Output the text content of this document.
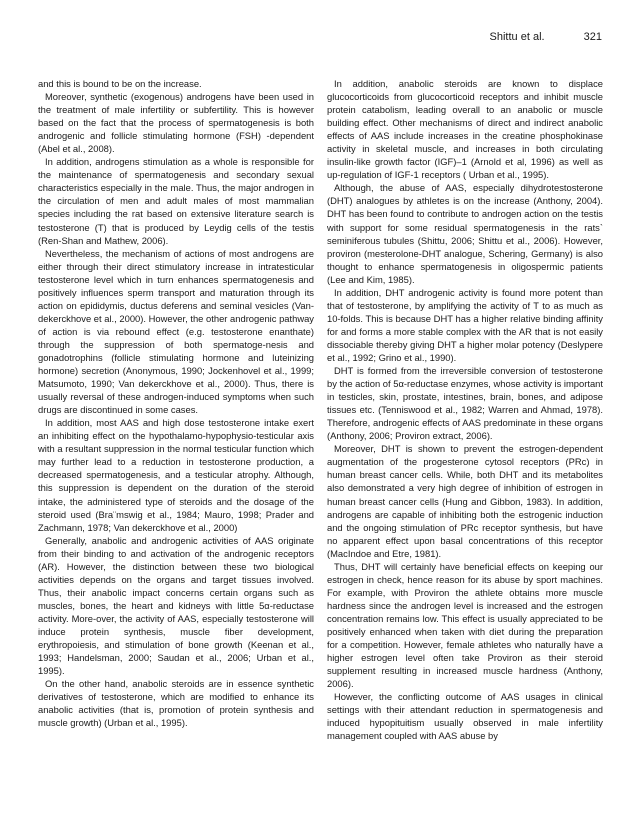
Shittu et al.	321

and this is bound to be on the increase.

Moreover, synthetic (exogenous) androgens have been used in the treatment of male infertility or subfertility. This is however based on the fact that the process of spermatogenesis is both androgenic and follicle stimulating hormone (FSH) -dependent (Abel et al., 2008).

In addition, androgens stimulation as a whole is responsible for the maintenance of spermatogenesis and secondary sexual characteristics especially in the male. Thus, the major androgen in the circulation of men and adult males of most mammalian species including the rat based on extensive literature search is testosterone (T) that is produced by Leydig cells of the testis (Ren-Shan and Mathew, 2006).

Nevertheless, the mechanism of actions of most androgens are either through their direct stimulatory increase in intratesticular testosterone level which in turn enhances spermatogenesis and positively influences sperm transport and maturation through its action on epididymis, ductus deferens and seminal vesicles (Van-dekerckhove et al., 2000). However, the other androgenic pathway of action is via rebound effect (e.g. testosterone enanthate) through the suppression of both spermatoge-nesis and gonadotrophins (follicle stimulating hormone and luteinizing hormone) secretion (Anonymous, 1990; Jockenhovel et al., 1999; Matsumoto, 1990; Van dekerckhove et al., 2000). Thus, there is usually reversal of these androgen-induced symptoms when such drugs are discontinued in some cases.

In addition, most AAS and high dose testosterone intake exert an inhibiting effect on the hypothalamo-hypophysio-testicular axis with a resultant suppression in the normal testicular function which may further lead to a reduction in testosterone production, a decreased spermatogenesis, and a testicular atrophy. Although, this suppression is dependent on the duration of the steroid intake, the administered type of steroids and the dosage of the steroid used (Bra¨mswig et al., 1984; Mauro, 1998; Prader and Zachmann, 1978; Van dekerckhove et al., 2000)

Generally, anabolic and androgenic activities of AAS originate from their binding to and activation of the androgenic receptors (AR). However, the distinction between these two biological activities depends on the organs and target tissues involved. Thus, their anabolic impact concerns certain organs such as muscles, bones, the heart and kidneys with little 5α-reductase activity. More-over, the activity of AAS, especially testosterone will induce protein synthesis, muscle fiber development, erythropoiesis, and stimulation of bone growth (Keenan et al., 1993; Handelsman, 2000; Saudan et al., 2006; Urban et al., 1995).

On the other hand, anabolic steroids are in essence synthetic derivatives of testosterone, which are modified to enhance its anabolic activities (that is, promotion of protein synthesis and muscle growth) (Urban et al., 1995).

In addition, anabolic steroids are known to displace glucocorticoids from glucocorticoid receptors and inhibit muscle protein catabolism, leading overall to an anabolic or muscle building effect. Other mechanisms of direct and indirect anabolic effects of AAS include increases in the creatine phosphokinase activity in skeletal muscle, and increases in both circulating insulin-like growth factor (IGF)–1 (Arnold et al, 1996) as well as up-regulation of IGF-1 receptors ( Urban et al., 1995).

Although, the abuse of AAS, especially dihydrotestosterone (DHT) analogues by athletes is on the increase (Anthony, 2004). DHT has been found to contribute to androgen action on the testis with support for some residual spermatogenesis in the rats` seminiferous tubules (Shittu, 2006; Shittu et al., 2006). However, proviron (mesterolone-DHT analogue, Schering, Germany) is also thought to enhance spermatogenesis in oligospermic patients (Lee and Kim, 1985).

In addition, DHT androgenic activity is found more potent than that of testosterone, by amplifying the activity of T to as much as 10-folds. This is because DHT has a higher relative binding affinity for and forms a more stable complex with the AR that is not easily dissociable thereby giving DHT a higher molar potency (Deslypere et al., 1992; Grino et al., 1990).

DHT is formed from the irreversible conversion of testosterone by the action of 5α-reductase enzymes, whose activity is important in testicles, skin, prostate, intestines, brain, bones, and adipose tissues etc. (Tenniswood et al., 1982; Warren and Ahmad, 1978). Therefore, androgenic effects of AAS predominate in these organs (Anthony, 2006; Proviron extract, 2006).

Moreover, DHT is shown to prevent the estrogen-dependent augmentation of the progesterone cytosol receptors (PRc) in human breast cancer cells. While, both DHT and its metabolites also demonstrated a very high degree of inhibition of estrogen in human breast cancer cells (Hung and Gibbon, 1983). In addition, androgens are capable of inhibiting both the estrogenic induction and the ongoing stimulation of PRc receptor synthesis, but have no apparent effect upon basal concentrations of this receptor (MacIndoe and Etre, 1981).

Thus, DHT will certainly have beneficial effects on keeping our estrogen in check, hence reason for its abuse by sport machines. For example, with Proviron the athlete obtains more muscle hardness since the androgen level is increased and the estrogen concentration remains low. This effect is usually appreciated to be positively enhanced when taken with diet during the preparation for a competition. However, female athletes who naturally have a higher estrogen level often take Proviron as their steroid supplement resulting in increased muscle hardness (Anthony, 2006).

However, the conflicting outcome of AAS usages in clinical settings with their attendant reduction in spermatogenesis and induced hypopituitism usually observed in male infertility management coupled with AAS abuse by
